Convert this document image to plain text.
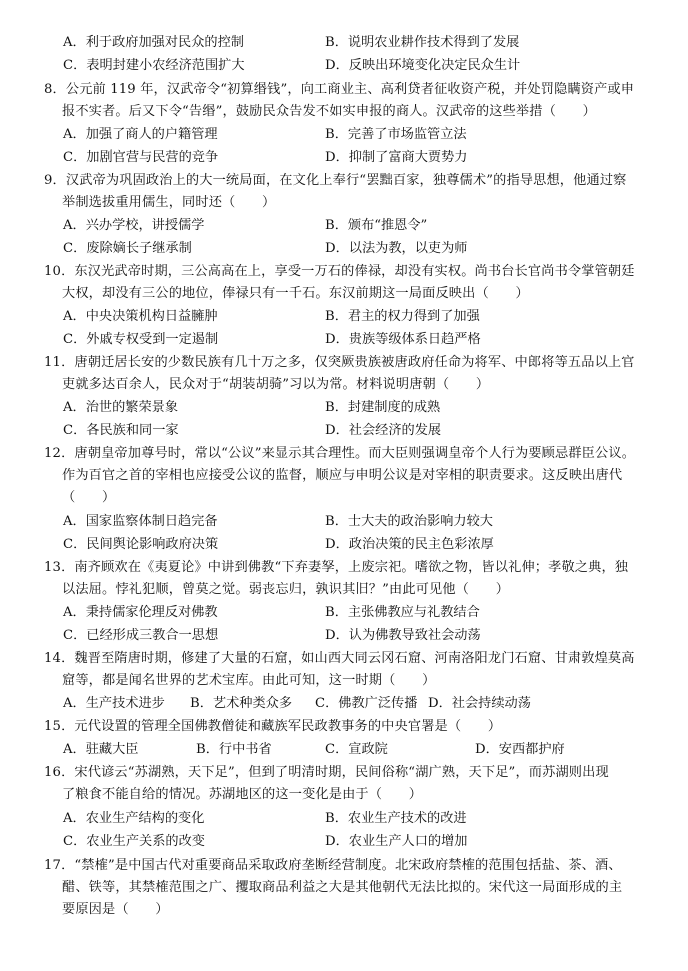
A．利于政府加强对民众的控制	B．说明农业耕作技术得到了发展
C．表明封建小农经济范围扩大	D．反映出环境变化决定民众生计
8．公元前 119 年，汉武帝令“初算缗钱”，向工商业主、高利贷者征收资产税，并处罚隐瞒资产或申
报不实者。后又下令“告缗”，鼓励民众告发不如实申报的商人。汉武帝的这些举措（　　）
A．加强了商人的户籍管理	B．完善了市场监管立法
C．加剧官营与民营的竞争	D．抑制了富商大贾势力
9．汉武帝为巩固政治上的大一统局面，在文化上奉行“罢黜百家，独尊儒术”的指导思想，他通过察
举制选拔重用儒生，同时还（　　）
A．兴办学校，讲授儒学	B．颁布“推恩令”
C．废除嫡长子继承制	D．以法为教，以吏为师
10．东汉光武帝时期，三公高高在上，享受一万石的俸禄，却没有实权。尚书台长官尚书令掌管朝廷
大权，却没有三公的地位，俸禄只有一千石。东汉前期这一局面反映出（　　）
A．中央决策机构日益臃肿	B．君主的权力得到了加强
C．外戚专权受到一定遏制	D．贵族等级体系日趋严格
11．唐朝迁居长安的少数民族有几十万之多，仅突厥贵族被唐政府任命为将军、中郎将等五品以上官
吏就多达百余人，民众对于“胡装胡骑”习以为常。材料说明唐朝（　　）
A．治世的繁荣景象	B．封建制度的成熟
C．各民族和同一家	D．社会经济的发展
12．唐朝皇帝加尊号时，常以“公议”来显示其合理性。而大臣则强调皇帝个人行为要顾忌群臣公议。
作为百官之首的宰相也应接受公议的监督，顺应与申明公议是对宰相的职责要求。这反映出唐代
（　　）
A．国家监察体制日趋完备	B．士大夫的政治影响力较大
C．民间舆论影响政府决策	D．政治决策的民主色彩浓厚
13．南齐顾欢在《夷夏论》中讲到佛教“下弃妻孥，上废宗祀。嗜欲之物，皆以礼伸；孝敬之典，独
以法屈。悖礼犯顺，曾莫之觉。弱丧忘归，孰识其旧？”由此可见他（　　）
A．秉持儒家伦理反对佛教	B．主张佛教应与礼教结合
C．已经形成三教合一思想	D．认为佛教导致社会动荡
14．魏晋至隋唐时期，修建了大量的石窟，如山西大同云冈石窟、河南洛阳龙门石窟、甘肃敦煌莫高
窟等，都是闻名世界的艺术宝库。由此可知，这一时期（　　）
A．生产技术进步 B．艺术种类众多 C．佛教广泛传播 D．社会持续动荡
15．元代设置的管理全国佛教僧徒和藏族军民政教事务的中央官署是（　　）
A．驻藏大臣	B．行中书省	C．宣政院	D．安西都护府
16．宋代谚云“苏湖熟，天下足”，但到了明清时期，民间俗称“湖广熟，天下足”，而苏湖则出现
了粮食不能自给的情况。苏湖地区的这一变化是由于（　　）
A．农业生产结构的变化	B．农业生产技术的改进
C．农业生产关系的改变	D．农业生产人口的增加
17．“禁榷”是中国古代对重要商品采取政府垄断经营制度。北宋政府禁榷的范围包括盐、茶、酒、
醋、铁等，其禁榷范围之广、攫取商品利益之大是其他朝代无法比拟的。宋代这一局面形成的主
要原因是（　　）
